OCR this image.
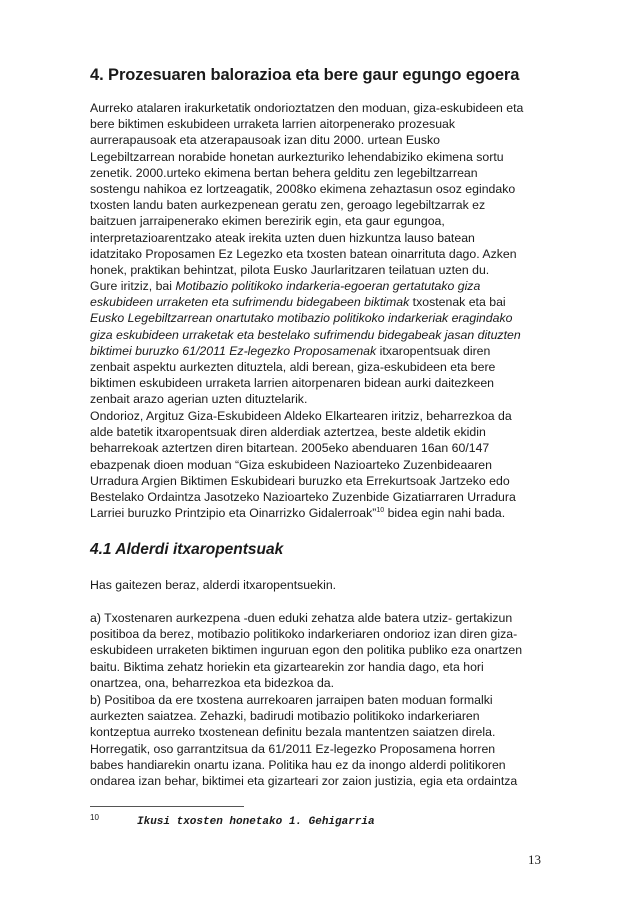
4. Prozesuaren balorazioa eta bere gaur egungo egoera
Aurreko atalaren irakurketatik ondorioztatzen den moduan, giza-eskubideen eta
bere biktimen eskubideen urraketa larrien aitorpenerako prozesuak
aurrerapausoak eta atzerapausoak izan ditu 2000. urtean Eusko
Legebiltzarrean norabide honetan aurkezturiko lehendabiziko ekimena sortu
zenetik. 2000.urteko ekimena bertan behera gelditu zen legebiltzarrean
sostengu nahikoa ez lortzeagatik, 2008ko ekimena zehaztasun osoz egindako
txosten landu baten aurkezpenean geratu zen, geroago legebiltzarrak ez
baitzuen jarraipenerako ekimen berezirik egin, eta gaur egungoa,
interpretazioarentzako ateak irekita uzten duen hizkuntza lauso batean
idatzitako Proposamen Ez Legezko eta txosten batean oinarrituta dago. Azken
honek, praktikan behintzat, pilota Eusko Jaurlaritzaren teilatuan uzten du.
Gure iritziz, bai Motibazio politikoko indarkeria-egoeran gertatutako giza
eskubideen urraketen eta sufrimendu bidegabeen biktimak txostenak eta bai
Eusko Legebiltzarrean onartutako motibazio politikoko indarkeriak eragindako
giza eskubideen urraketak eta bestelako sufrimendu bidegabeak jasan dituzten
biktimei buruzko 61/2011 Ez-legezko Proposamenak itxaropentsuak diren
zenbait aspektu aurkezten dituztela, aldi berean, giza-eskubideen eta bere
biktimen eskubideen urraketa larrien aitorpenaren bidean aurki daitezkeen
zenbait arazo agerian uzten dituztelarik.
Ondorioz, Argituz Giza-Eskubideen Aldeko Elkartearen iritziz, beharrezkoa da
alde batetik itxaropentsuak diren alderdiak aztertzea, beste aldetik ekidin
beharrekoak aztertzen diren bitartean. 2005eko abenduaren 16an 60/147
ebazpenak dioen moduan “Giza eskubideen Nazioarteko Zuzenbideaaren
Urradura Argien Biktimen Eskubideari buruzko eta Errekurtsoak Jartzeko edo
Bestelako Ordaintza Jasotzeko Nazioarteko Zuzenbide Gizatiarraren Urradura
Larriei buruzko Printzipio eta Oinarrizko Gidalerroak”$^{10}$ bidea egin nahi bada.
4.1 Alderdi itxaropentsuak
Has gaitezen beraz, alderdi itxaropentsuekin.
a) Txostenaren aurkezpena -duen eduki zehatza alde batera utziz- gertakizun
positiboa da berez, motibazio politikoko indarkeriaren ondorioz izan diren giza-
eskubideen urraketen biktimen inguruan egon den politika publiko eza onartzen
baitu. Biktima zehatz horiekin eta gizartearekin zor handia dago, eta hori
onartzea, ona, beharrezkoa eta bidezkoa da.
b) Positiboa da ere txostena aurrekoaren jarraipen baten moduan formalki
aurkezten saiatzea. Zehazki, badirudi motibazio politikoko indarkeriaren
kontzeptua aurreko txostenean definitu bezala mantentzen saiatzen direla.
Horregatik, oso garrantzitsua da 61/2011 Ez-legezko Proposamena horren
babes handiarekin onartu izana. Politika hau ez da inongo alderdi politikoren
ondarea izan behar, biktimei eta gizarteari zor zaion justizia, egia eta ordaintza
10	Ikusi txosten honetako 1. Gehigarria
13
